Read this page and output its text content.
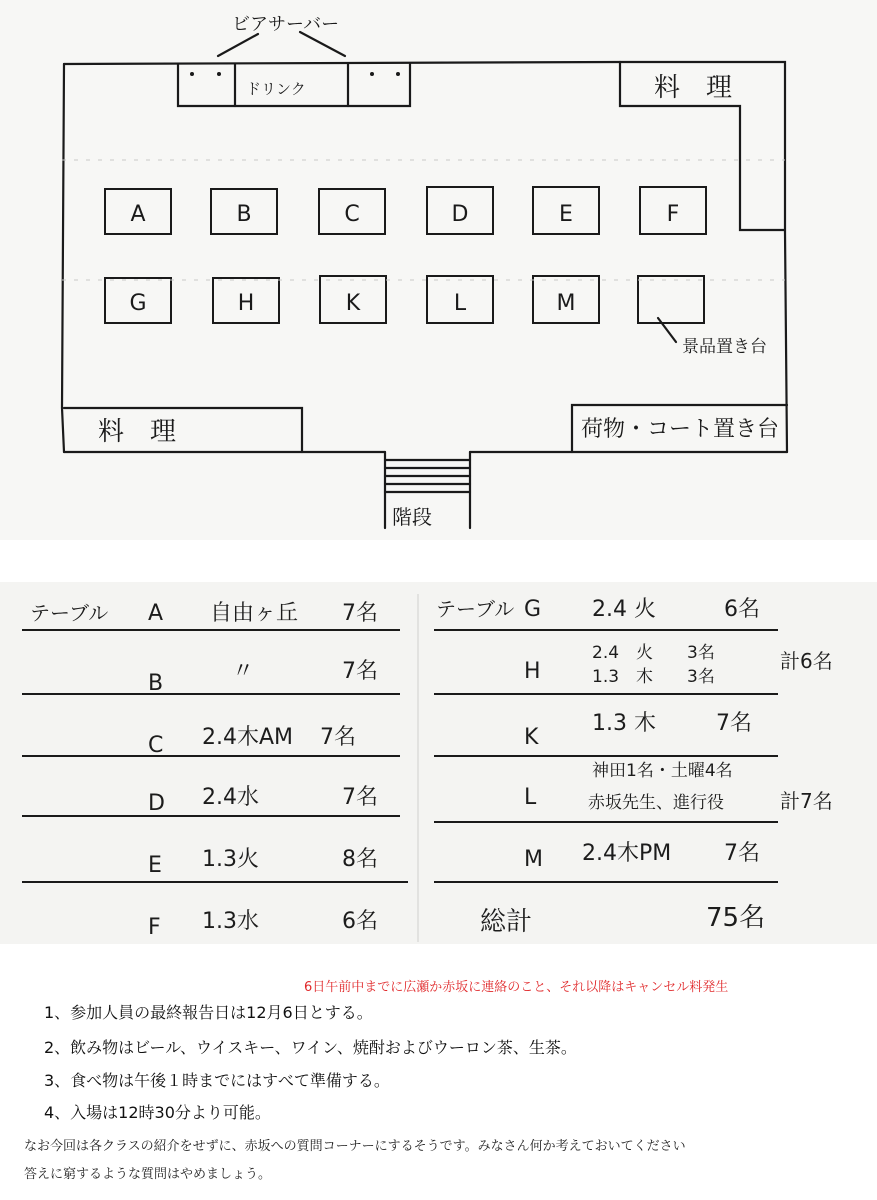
A	B	C	D	E	F
G	H	K	L	M
ビアサーバー
ドリンク	料　理
料　理	荷物・コート置き台
階段
景品置き台
テーブル A 自由ヶ丘 7名
B	〃	7名
C 2.4木AM 7名
D 2.4水	7名
E 1.3火	8名
F 1.3水	6名
テーブル G 2.4 火	6名
H
2.4　火　　3名
1.3　木　　3名
計6名
K
1.3 木	7名
L
神田1名・土曜4名
赤坂先生、進行役	計7名
M 2.4木PM 7名
総計	75名
6日午前中までに広瀬か赤坂に連絡のこと、それ以降はキャンセル料発生
1、参加人員の最終報告日は12月6日とする。
2、飲み物はビール、ウイスキー、ワイン、焼酎およびウーロン茶、生茶。
3、食べ物は午後１時までにはすべて準備する。
4、入場は12時30分より可能。
なお今回は各クラスの紹介をせずに、赤坂への質問コーナーにするそうです。みなさん何か考えておいてください
答えに窮するような質問はやめましょう。
